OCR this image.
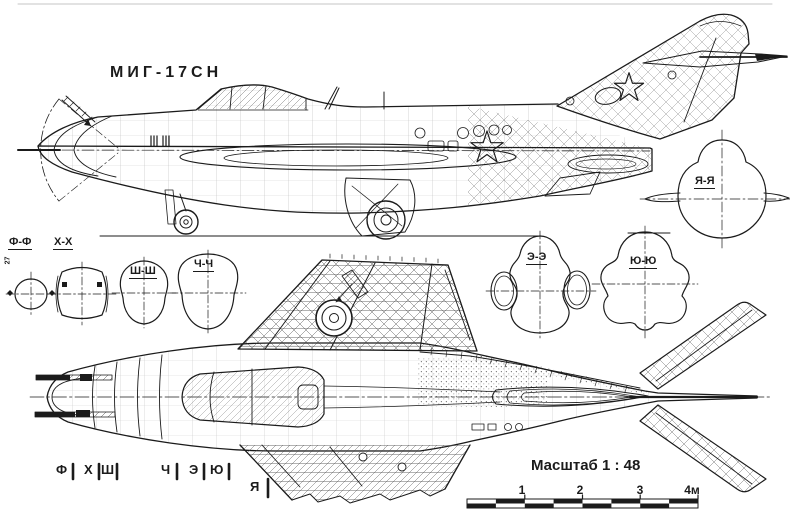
МИГ-17СН
Ф-Ф
27
Х-Х
Ш-Ш
Ч-Ч
Э-Э	Ю-Ю
Я-Я
Ф Х Ш	Ч Э Ю
Я
Масштаб 1 : 48
1	2	3	4м
